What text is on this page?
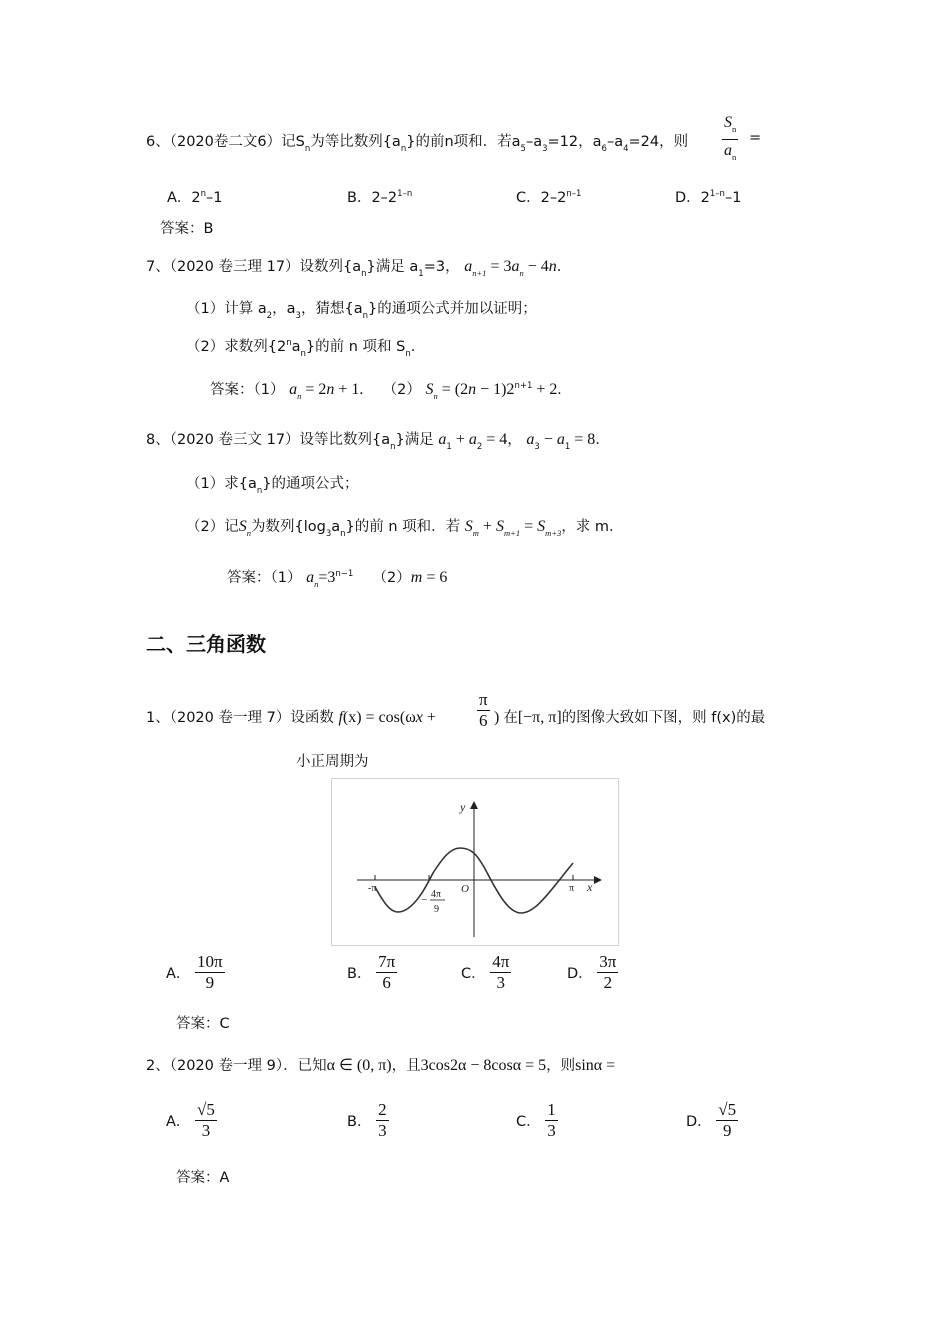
6、（2020卷二文6）记$S_n$为等比数列$\{a_n\}$的前n项和．若$a_5-a_3=12$，$a_6-a_4=24$，则 $\frac{S_n}{a_n}$ =
A．2$^n$–1	B．2–2$^{1-n}$	C．2–2$^{n-1}$	D．2$^{1-n}$–1
答案：B
7、（2020 卷三理 17）设数列$\{a_n\}$满足 $a_1=3$， $a_{n+1} = 3a_n - 4n$．
（1）计算 $a_2$，$a_3$，猜想$\{a_n\}$的通项公式并加以证明；
（2）求数列$\{2^na_n\}$的前 n 项和 $S_n$．
答案：（1） $a_n = 2n + 1$. （2） $S_n = (2n - 1)2^{n+1} + 2$.
8、（2020 卷三文 17）设等比数列$\{a_n\}$满足 $a_1 + a_2 = 4$， $a_3 - a_1 = 8$．
（1）求$\{a_n\}$的通项公式；
（2）记$S_n$为数列$\{\log_3a_n\}$的前 n 项和．若 $S_m + S_{m+1} = S_{m+3}$，求 m．
答案：（1） $a_n=3^{n-1}$ （2）m = 6
二、三角函数
1、（2020 卷一理 7）设函数 $f(x) = \cos(\omega x + \frac{\pi}{6}$ ) 在[−π, π]的图像大致如下图，则 f(x)的最
小正周期为
y
x
O
-π	π
− 4π
9
A． $\frac{10\pi}{9}$	B． $\frac{7\pi}{6}$	C． $\frac{4\pi}{3}$	D． $\frac{3\pi}{2}$
答案：C
2、（2020 卷一理 9）．已知α ∈ (0, π)，且3cos2α − 8cosα = 5，则sinα =
A． $\frac{√5}{3}$	B． $\frac{2}{3}$	C． $\frac{1}{3}$	D． $\frac{√5}{9}$
答案：A
